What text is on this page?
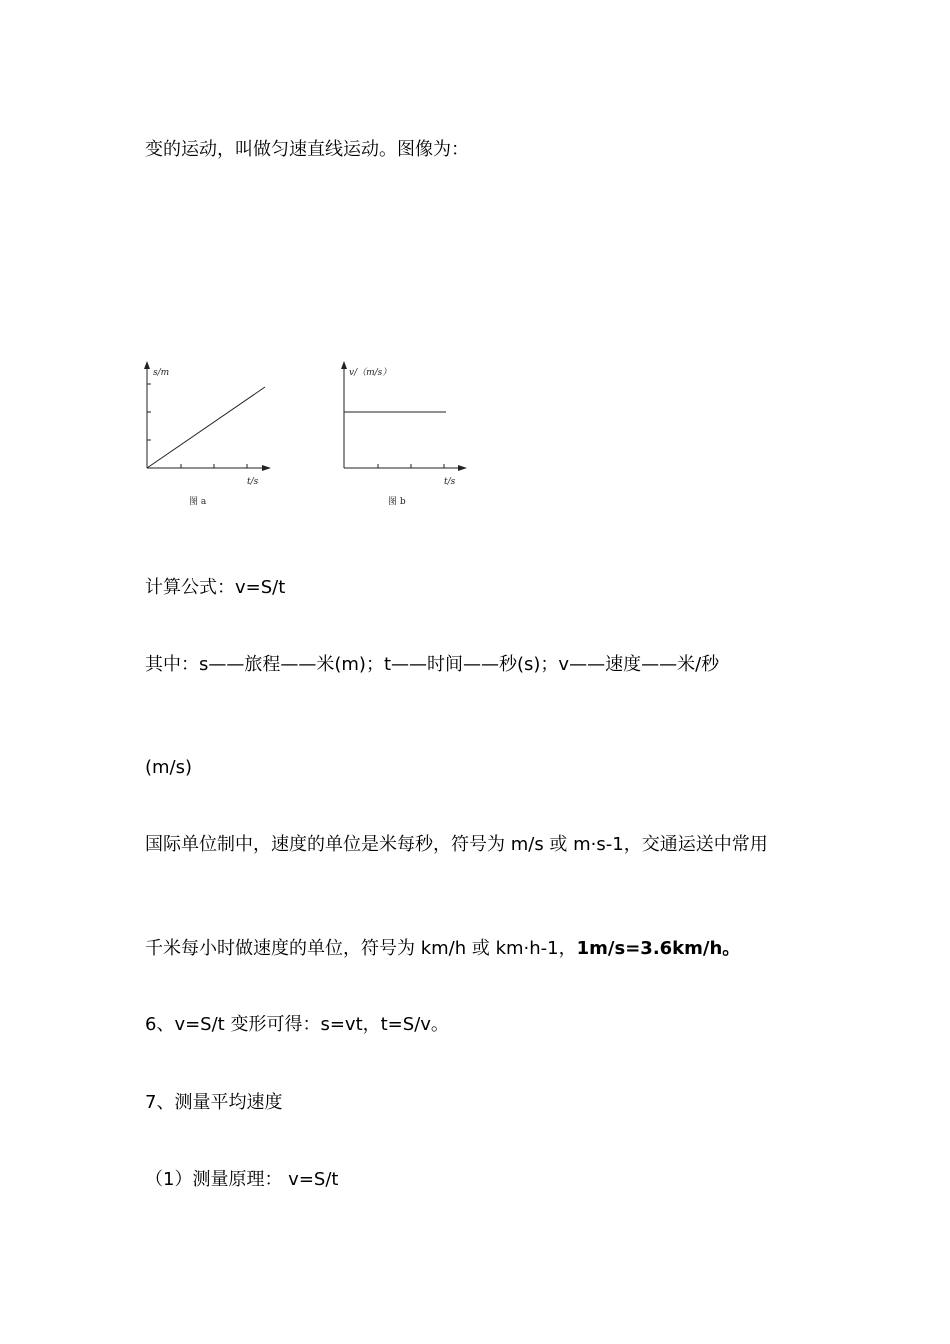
变的运动，叫做匀速直线运动。图像为：

s/m
t/s
图 a
v/（m/s）
t/s
图 b

计算公式：v=S/t

其中：s——旅程——米(m)；t——时间——秒(s)；v——速度——米/秒

(m/s)

国际单位制中，速度的单位是米每秒，符号为 m/s 或 m·s-1，交通运送中常用

千米每小时做速度的单位，符号为 km/h 或 km·h-1，1m/s=3.6km/h。

6、v=S/t 变形可得：s=vt，t=S/v。

7、测量平均速度

（1）测量原理： v=S/t
